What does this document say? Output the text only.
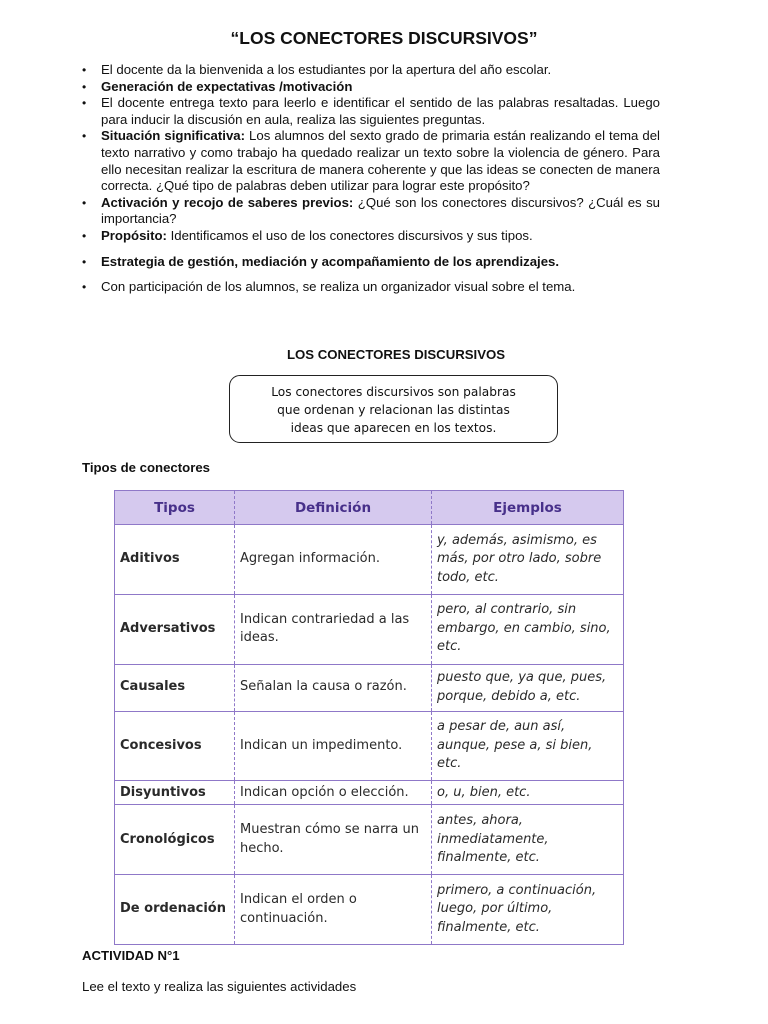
“LOS CONECTORES DISCURSIVOS”
• El docente da la bienvenida a los estudiantes por la apertura del año escolar.
• Generación de expectativas /motivación
• El docente entrega texto para leerlo e identificar el sentido de las palabras resaltadas. Luego para inducir la discusión en aula, realiza las siguientes preguntas.
• Situación significativa: Los alumnos del sexto grado de primaria están realizando el tema del texto narrativo y como trabajo ha quedado realizar un texto sobre la violencia de género. Para ello necesitan realizar la escritura de manera coherente y que las ideas se conecten de manera correcta. ¿Qué tipo de palabras deben utilizar para lograr este propósito?
• Activación y recojo de saberes previos: ¿Qué son los conectores discursivos? ¿Cuál es su importancia?
• Propósito: Identificamos el uso de los conectores discursivos y sus tipos.
• Estrategia de gestión, mediación y acompañamiento de los aprendizajes.
• Con participación de los alumnos, se realiza un organizador visual sobre el tema.
LOS CONECTORES DISCURSIVOS
Los conectores discursivos son palabras que ordenan y relacionan las distintas ideas que aparecen en los textos.
Tipos de conectores
Tipos	Definición	Ejemplos
Aditivos	Agregan información.	y, además, asimismo, es más, por otro lado, sobre todo, etc.
Adversativos	Indican contrariedad a las ideas.	pero, al contrario, sin embargo, en cambio, sino, etc.
Causales	Señalan la causa o razón.	puesto que, ya que, pues, porque, debido a, etc.
Concesivos	Indican un impedimento.	a pesar de, aun así, aunque, pese a, si bien, etc.
Disyuntivos	Indican opción o elección.	o, u, bien, etc.
Cronológicos	Muestran cómo se narra un hecho.	antes, ahora, inmediatamente, finalmente, etc.
De ordenación	Indican el orden o continuación.	primero, a continuación, luego, por último, finalmente, etc.
ACTIVIDAD N°1
Lee el texto y realiza las siguientes actividades
